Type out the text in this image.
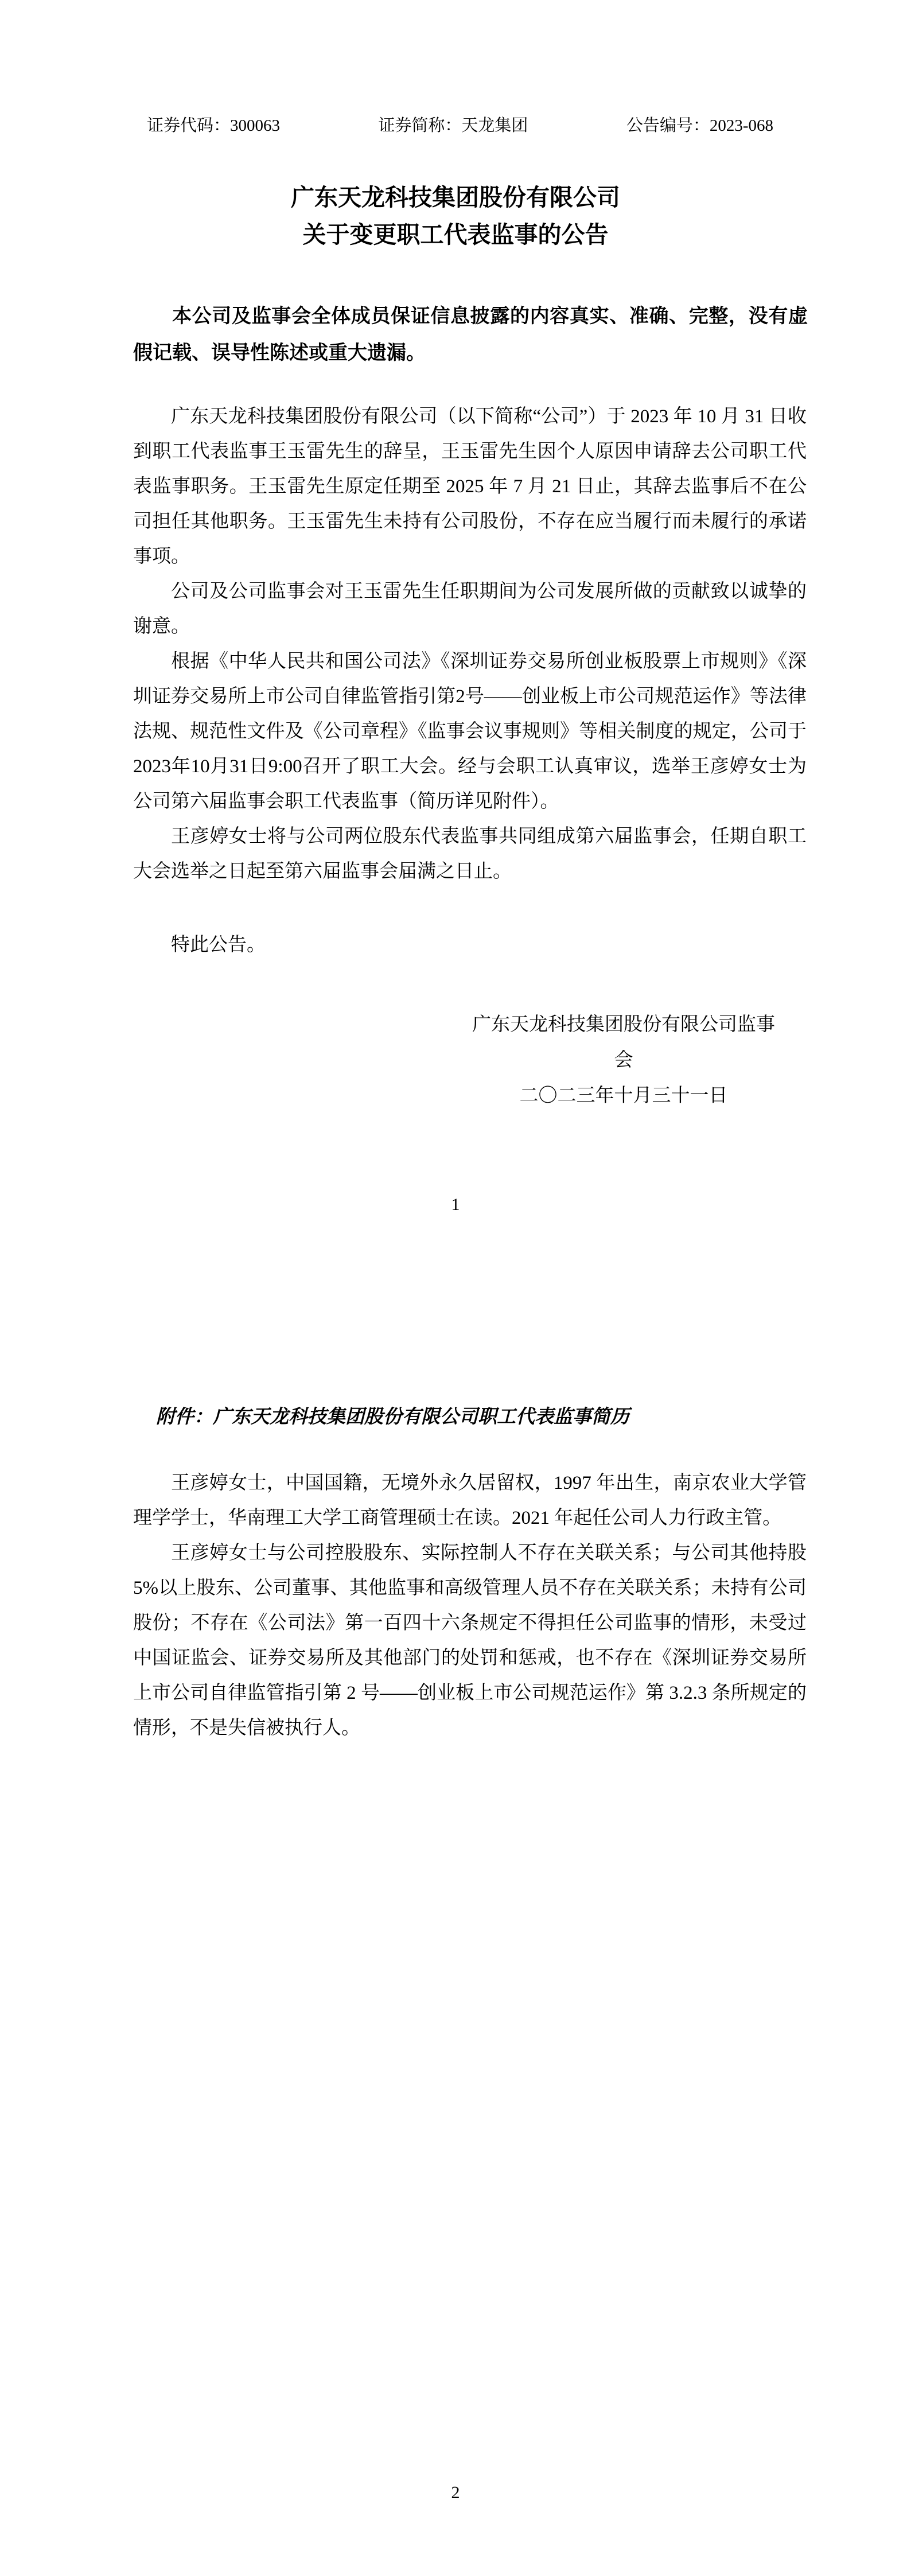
证券代码：300063	证券简称：天龙集团	公告编号：2023-068
广东天龙科技集团股份有限公司
关于变更职工代表监事的公告
本公司及监事会全体成员保证信息披露的内容真实、准确、完整，没有虚假记载、误导性陈述或重大遗漏。

广东天龙科技集团股份有限公司（以下简称“公司”）于 2023 年 10 月 31 日收到职工代表监事王玉雷先生的辞呈，王玉雷先生因个人原因申请辞去公司职工代表监事职务。王玉雷先生原定任期至 2025 年 7 月 21 日止，其辞去监事后不在公司担任其他职务。王玉雷先生未持有公司股份，不存在应当履行而未履行的承诺事项。

公司及公司监事会对王玉雷先生任职期间为公司发展所做的贡献致以诚挚的谢意。

根据《中华人民共和国公司法》《深圳证券交易所创业板股票上市规则》《深圳证券交易所上市公司自律监管指引第2号——创业板上市公司规范运作》等法律法规、规范性文件及《公司章程》《监事会议事规则》等相关制度的规定，公司于2023年10月31日9:00召开了职工大会。经与会职工认真审议，选举王彦婷女士为公司第六届监事会职工代表监事（简历详见附件）。

王彦婷女士将与公司两位股东代表监事共同组成第六届监事会，任期自职工大会选举之日起至第六届监事会届满之日止。

特此公告。
广东天龙科技集团股份有限公司监事会
二〇二三年十月三十一日
1
附件：广东天龙科技集团股份有限公司职工代表监事简历

王彦婷女士，中国国籍，无境外永久居留权，1997 年出生，南京农业大学管理学学士，华南理工大学工商管理硕士在读。2021 年起任公司人力行政主管。

王彦婷女士与公司控股股东、实际控制人不存在关联关系；与公司其他持股 5%以上股东、公司董事、其他监事和高级管理人员不存在关联关系；未持有公司股份；不存在《公司法》第一百四十六条规定不得担任公司监事的情形，未受过中国证监会、证券交易所及其他部门的处罚和惩戒，也不存在《深圳证券交易所上市公司自律监管指引第 2 号——创业板上市公司规范运作》第 3.2.3 条所规定的情形，不是失信被执行人。

2
